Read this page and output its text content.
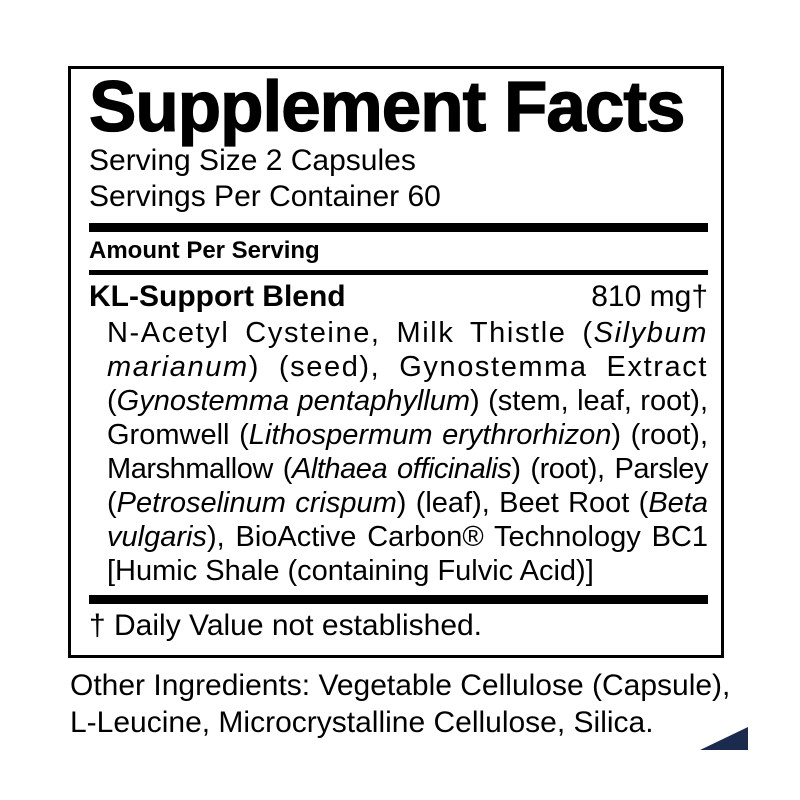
Supplement Facts
Serving Size 2 Capsules
Servings Per Container 60
Amount Per Serving
KL-Support Blend	810 mg†
N-Acetyl Cysteine, Milk Thistle (Silybum
marianum) (seed), Gynostemma Extract
(Gynostemma pentaphyllum) (stem, leaf, root),
Gromwell (Lithospermum erythrorhizon) (root),
Marshmallow (Althaea officinalis) (root), Parsley
(Petroselinum crispum) (leaf), Beet Root (Beta
vulgaris), BioActive Carbon® Technology BC1
[Humic Shale (containing Fulvic Acid)]
† Daily Value not established.
Other Ingredients: Vegetable Cellulose (Capsule),
L-Leucine, Microcrystalline Cellulose, Silica.
